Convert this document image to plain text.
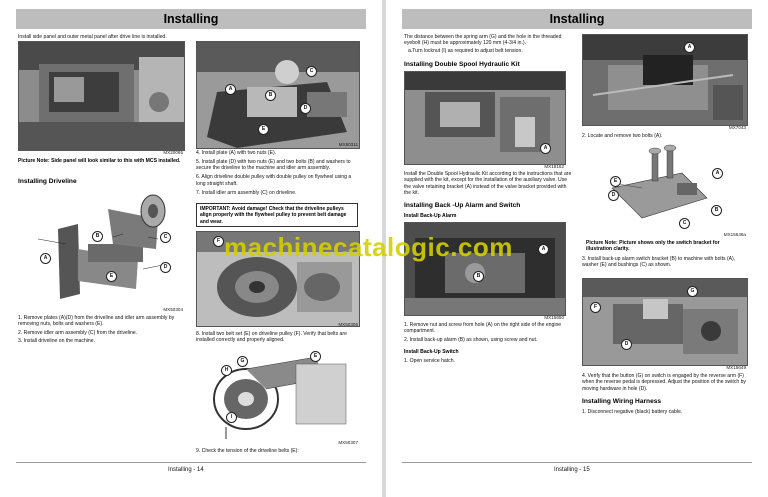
Installing
Install side panel and outer metal panel after drive line is installed.
MX20065
Picture Note: Side panel will look similar to this with MCS installed.
Installing Driveline
B	C
A
E
D
MX50304
1. Remove plates (A)(D) from the driveline and idler arm assembly by removing nuts, bolts and washers (E).
2. Remove idler arm assembly (C) from the driveline.
3. Install driveline on the machine.
C
A
B
D
E
MX50311
4. Install plate (A) with two nuts (E).
5. Install plate (D) with two nuts (E) and two bolts (B) and washers to secure the driveline to the machine and idler arm assembly.
6. Align driveline double pulley with double pulley on flywheel using a long straight shaft.
7. Install idler arm assembly (C) on driveline.
IMPORTANT: Avoid damage! Check that the driveline pulleys align properly with the flywheel pulley to prevent belt damage and wear.
F
MX50306
8. Install two belt set (E) on driveline pulley (F). Verify that belts are installed correctly and properly aligned.
E
G
H
I
MX50307
9. Check the tension of the driveline belts (E):
Installing - 14
Installing
The distance between the spring arm (G) and the hole in the threaded eyebolt (H) must be approximately 120 mm (4-3/4 in.).
a.Turn locknut (I) as required to adjust belt tension.
Installing Double Spool Hydraulic Kit
A
MX18162
Install the Double Spool Hydraulic Kit according to the instructions that are supplied with the kit, except for the installation of the auxiliary valve. Use the valve retaining bracket (A) instead of the valve bracket provided with the kit.
Installing Back -Up Alarm and Switch
Install Back-Up Alarm
A
B
MX15650
1. Remove nut and screw from hole (A) on the right side of the engine compartment.
2. Install back-up alarm (B) as shown, using screw and nut.
Install Back-Up Switch
1. Open service hatch.
A
MX7043
2. Locate and remove two bolts (A).
E
A
D
B
C
MX15648a
Picture Note: Picture shows only the switch bracket for illustration clarity.
3. Install back-up alarm switch bracket (B) to machine with bolts (A), washer (E) and bushings (C) as shown.
G
F
D
MX15649
4. Verify that the button (G) on switch is engaged by the reverse arm (F) when the reverse pedal is depressed. Adjust the position of the switch by moving hardware in hole (D).
Installing Wiring Harness
1. Disconnect negative (black) battery cable.
Installing - 15
machinecatalogic.com
